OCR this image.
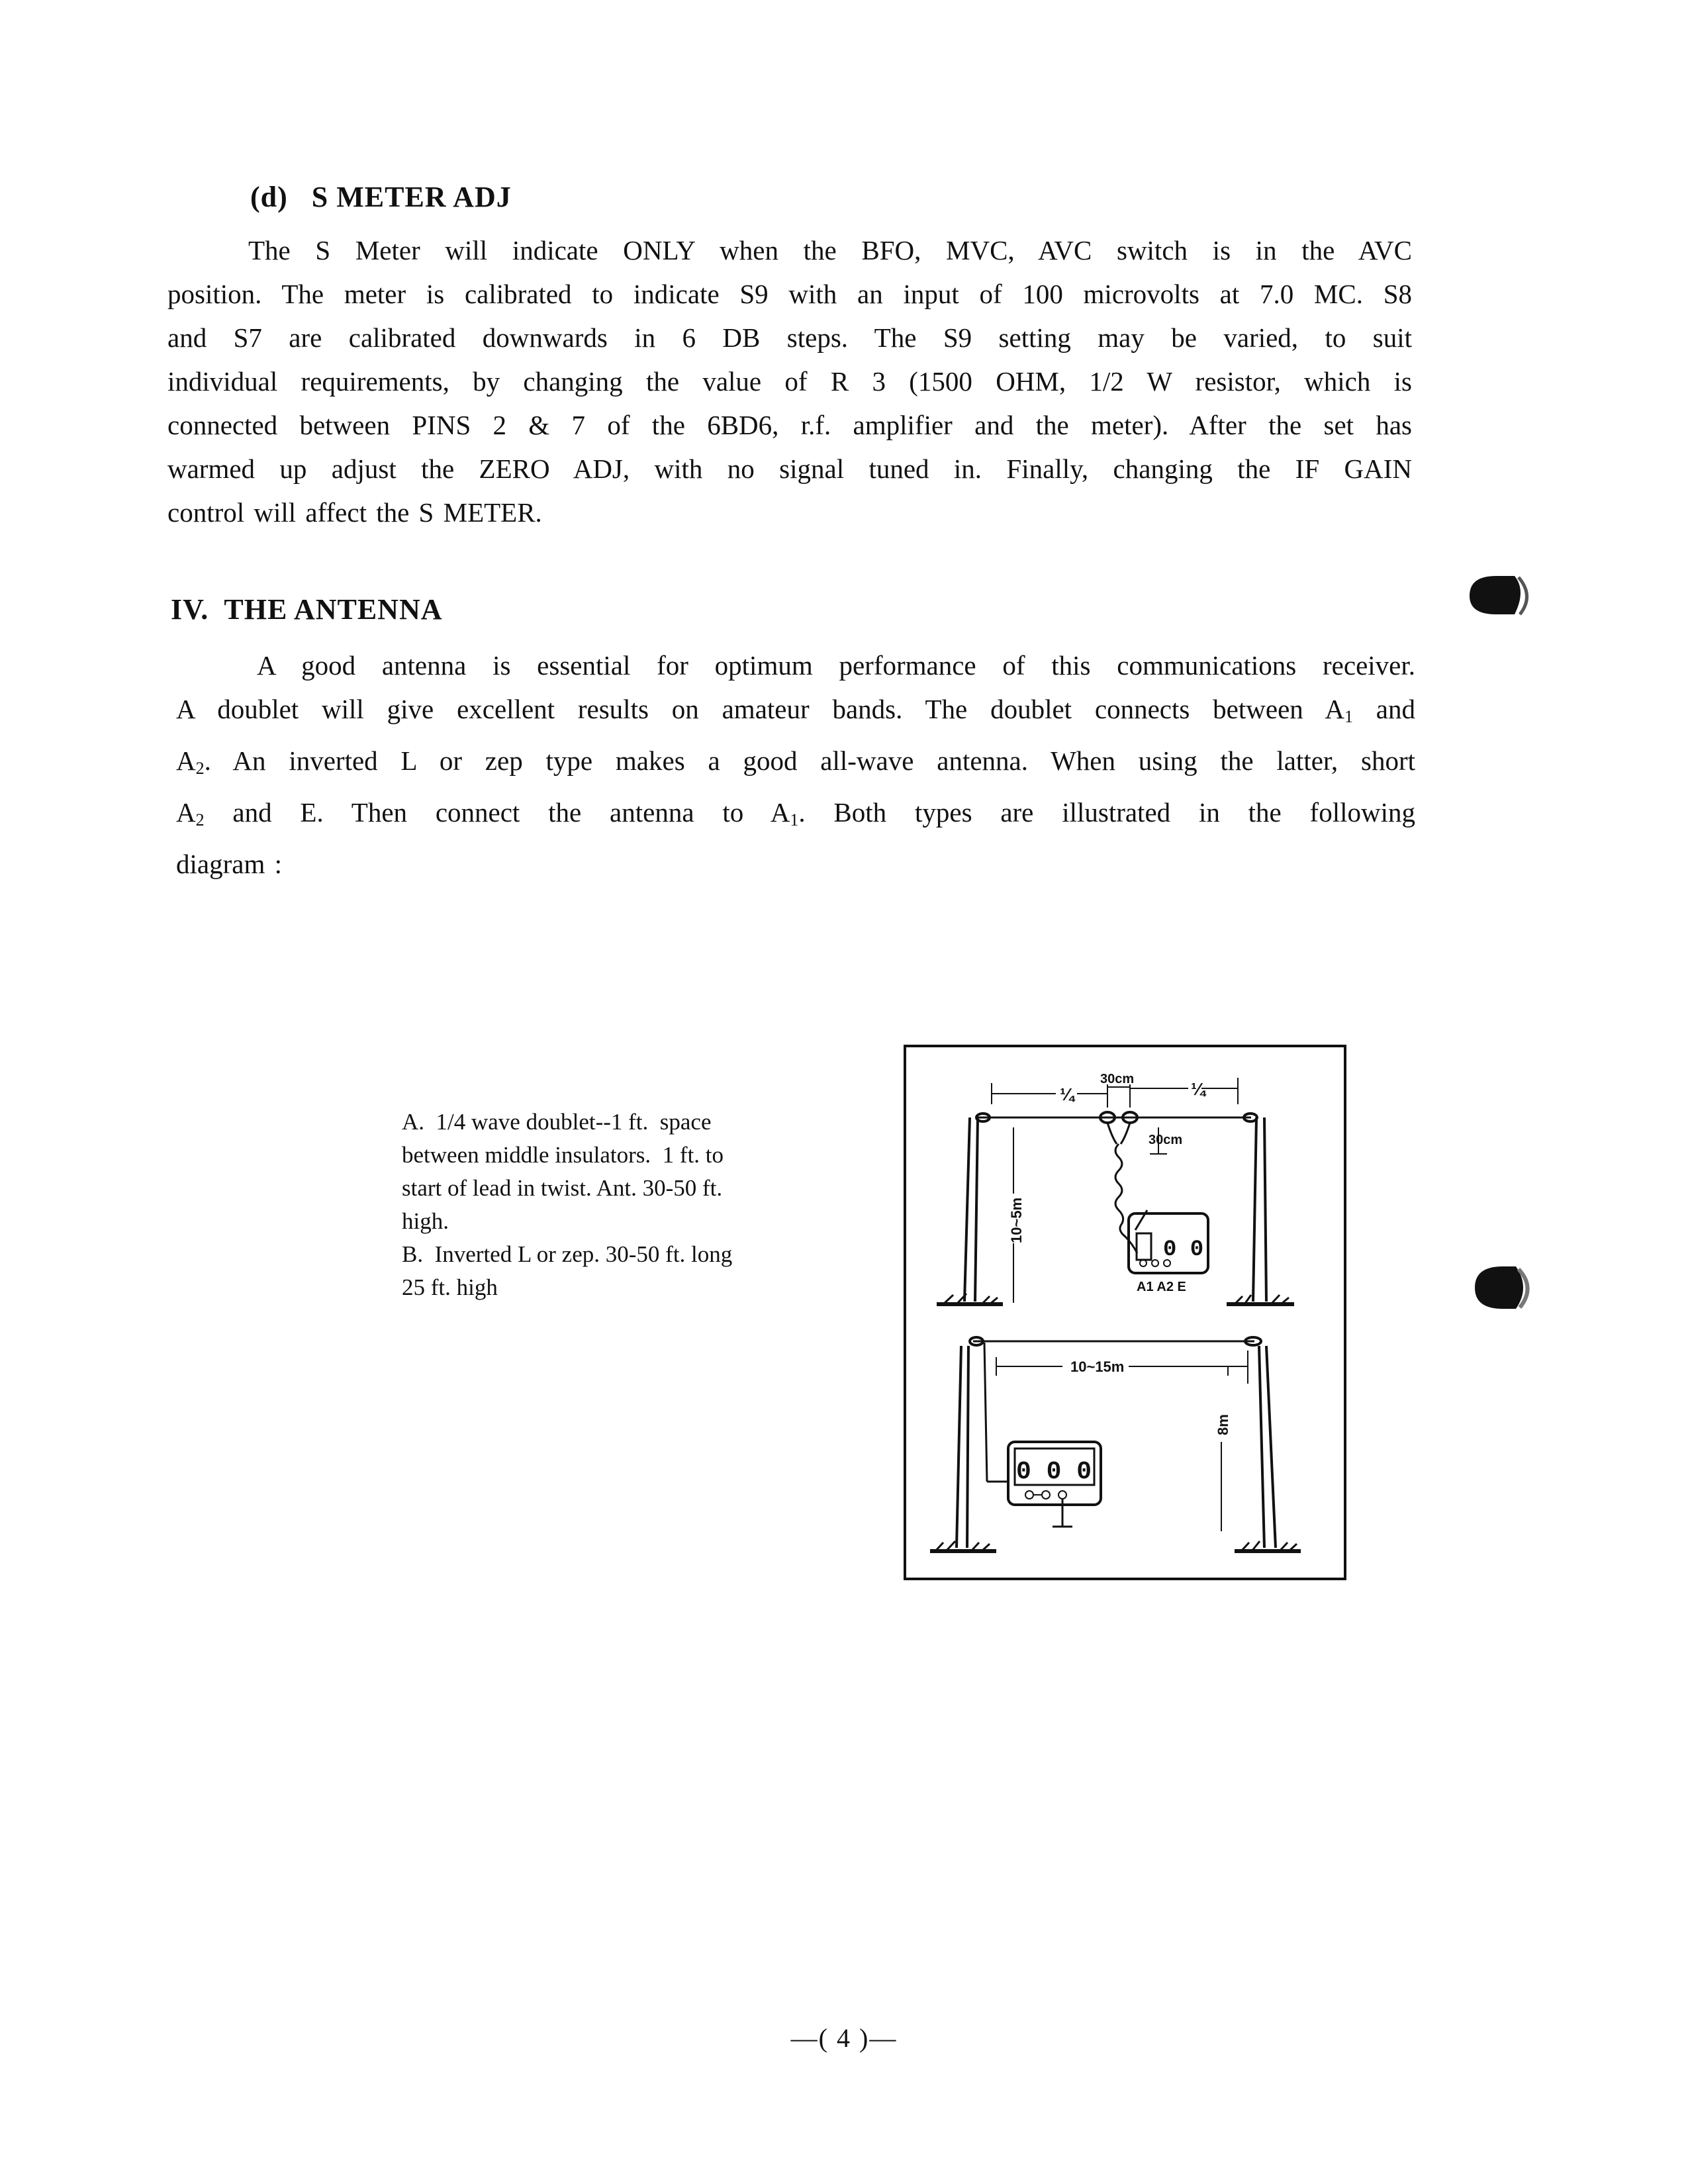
(d) S METER ADJ
The S Meter will indicate ONLY when the BFO, MVC, AVC switch is in the AVC
position. The meter is calibrated to indicate S9 with an input of 100 microvolts at 7.0 MC. S8
and S7 are calibrated downwards in 6 DB steps. The S9 setting may be varied, to suit
individual requirements, by changing the value of R 3 (1500 OHM, 1/2 W resistor, which is
connected between PINS 2 & 7 of the 6BD6, r.f. amplifier and the meter). After the set has
warmed up adjust the ZERO ADJ, with no signal tuned in. Finally, changing the IF GAIN
control will affect the S METER.
IV.  THE ANTENNA
A good antenna is essential for optimum performance of this communications receiver.
A doublet will give excellent results on amateur bands. The doublet connects between $A_1$ and
$A_2$. An inverted L or zep type makes a good all-wave antenna. When using the latter, short
$A_2$ and E. Then connect the antenna to $A_1$. Both types are illustrated in the following
diagram :
A.  1/4 wave doublet--1 ft.  space
between middle insulators.  1 ft. to
start of lead in twist. Ant. 30-50 ft.
high.
B.  Inverted L or zep. 30-50 ft. long
25 ft. high
30cm
¼	¼
30cm
10~5m
0 0
A1 A2 E
10~15m
8m
0 0 0
—( 4 )—
